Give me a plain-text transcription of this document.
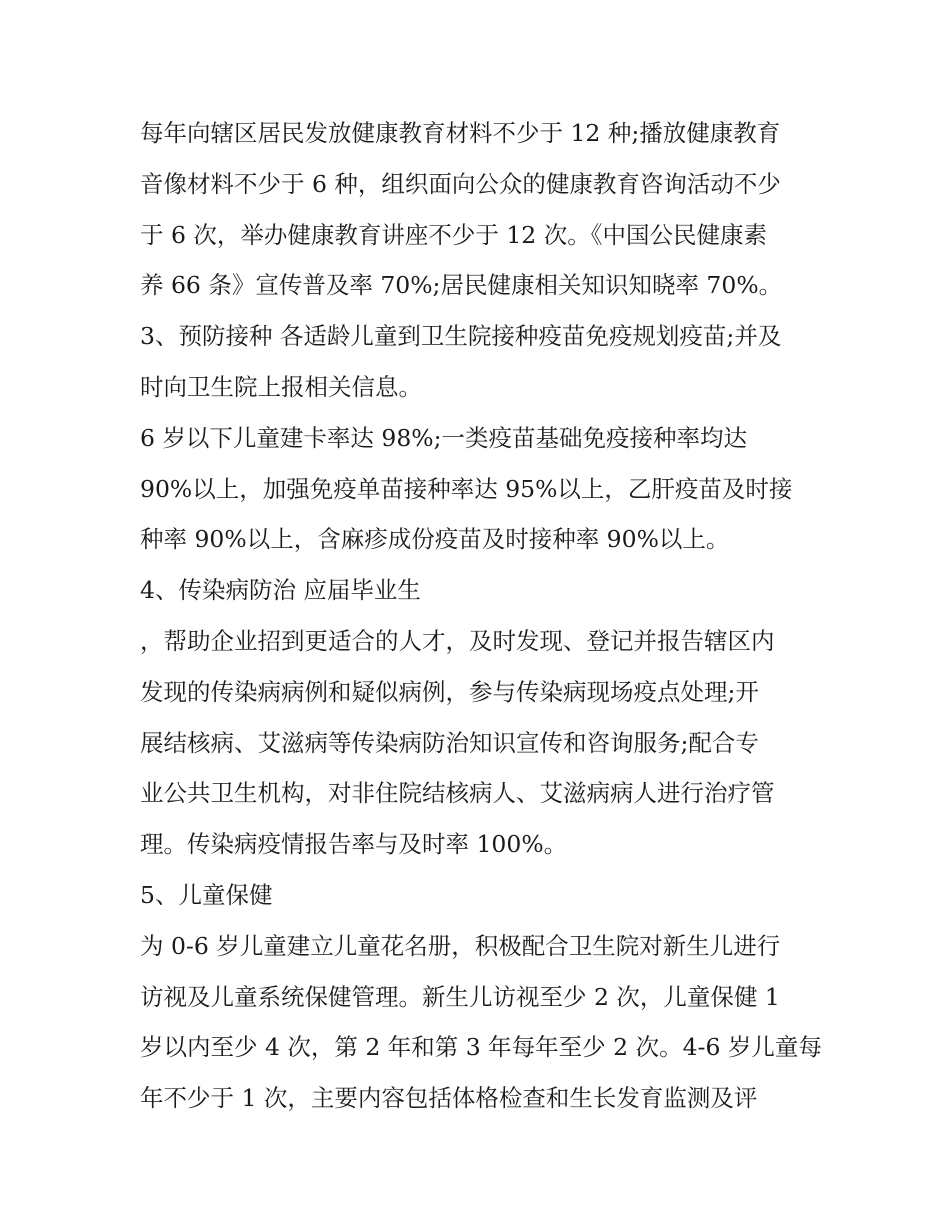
每年向辖区居民发放健康教育材料不少于 12 种;播放健康教育
音像材料不少于 6 种，组织面向公众的健康教育咨询活动不少
于 6 次，举办健康教育讲座不少于 12 次。《中国公民健康素
养 66 条》宣传普及率 70%;居民健康相关知识知晓率 70%。
3、预防接种 各适龄儿童到卫生院接种疫苗免疫规划疫苗;并及
时向卫生院上报相关信息。
6 岁以下儿童建卡率达 98%;一类疫苗基础免疫接种率均达
90%以上，加强免疫单苗接种率达 95%以上，乙肝疫苗及时接
种率 90%以上，含麻疹成份疫苗及时接种率 90%以上。
4、传染病防治 应届毕业生
，帮助企业招到更适合的人才，及时发现、登记并报告辖区内
发现的传染病病例和疑似病例，参与传染病现场疫点处理;开
展结核病、艾滋病等传染病防治知识宣传和咨询服务;配合专
业公共卫生机构，对非住院结核病人、艾滋病病人进行治疗管
理。传染病疫情报告率与及时率 100%。
5、儿童保健
为 0-6 岁儿童建立儿童花名册，积极配合卫生院对新生儿进行
访视及儿童系统保健管理。新生儿访视至少 2 次，儿童保健 1
岁以内至少 4 次，第 2 年和第 3 年每年至少 2 次。4-6 岁儿童每
年不少于 1 次，主要内容包括体格检查和生长发育监测及评
